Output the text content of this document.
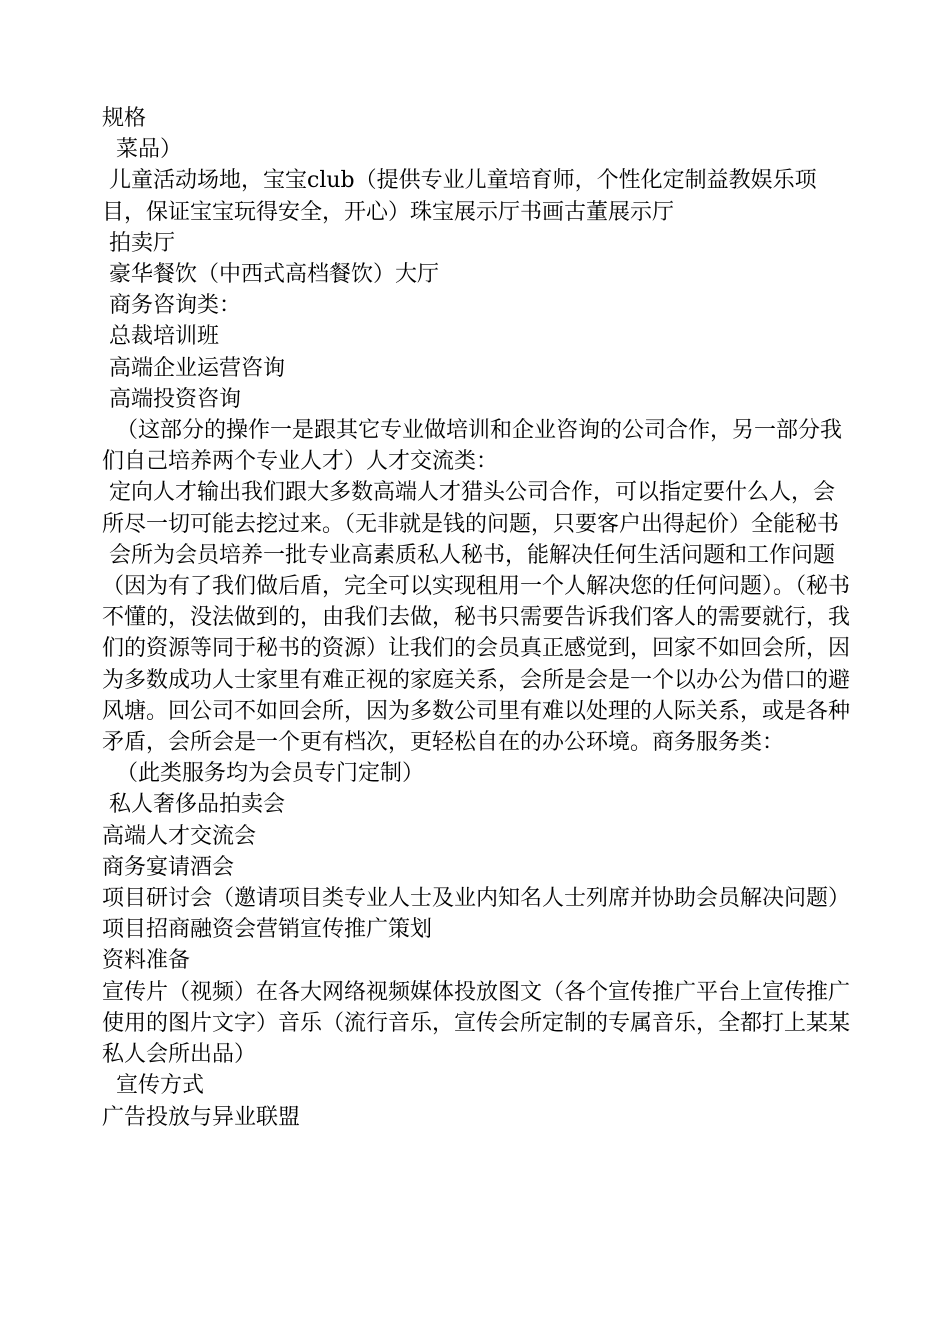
规格

菜品）

儿童活动场地，宝宝club（提供专业儿童培育师，个性化定制益教娱乐项目，保证宝宝玩得安全，开心）珠宝展示厅书画古董展示厅

拍卖厅

豪华餐饮（中西式高档餐饮）大厅

商务咨询类：

总裁培训班

高端企业运营咨询

高端投资咨询

（这部分的操作一是跟其它专业做培训和企业咨询的公司合作，另一部分我们自己培养两个专业人才）人才交流类：

定向人才输出我们跟大多数高端人才猎头公司合作，可以指定要什么人，会所尽一切可能去挖过来。（无非就是钱的问题，只要客户出得起价）全能秘书

会所为会员培养一批专业高素质私人秘书，能解决任何生活问题和工作问题（因为有了我们做后盾，完全可以实现租用一个人解决您的任何问题）。（秘书不懂的，没法做到的，由我们去做，秘书只需要告诉我们客人的需要就行，我们的资源等同于秘书的资源）让我们的会员真正感觉到，回家不如回会所，因为多数成功人士家里有难正视的家庭关系，会所是会是一个以办公为借口的避风塘。回公司不如回会所，因为多数公司里有难以处理的人际关系，或是各种矛盾，会所会是一个更有档次，更轻松自在的办公环境。商务服务类：

（此类服务均为会员专门定制）

私人奢侈品拍卖会

高端人才交流会

商务宴请酒会

项目研讨会（邀请项目类专业人士及业内知名人士列席并协助会员解决问题）

项目招商融资会营销宣传推广策划

资料准备

宣传片（视频）在各大网络视频媒体投放图文（各个宣传推广平台上宣传推广使用的图片文字）音乐（流行音乐，宣传会所定制的专属音乐，全都打上某某私人会所出品）

宣传方式

广告投放与异业联盟
